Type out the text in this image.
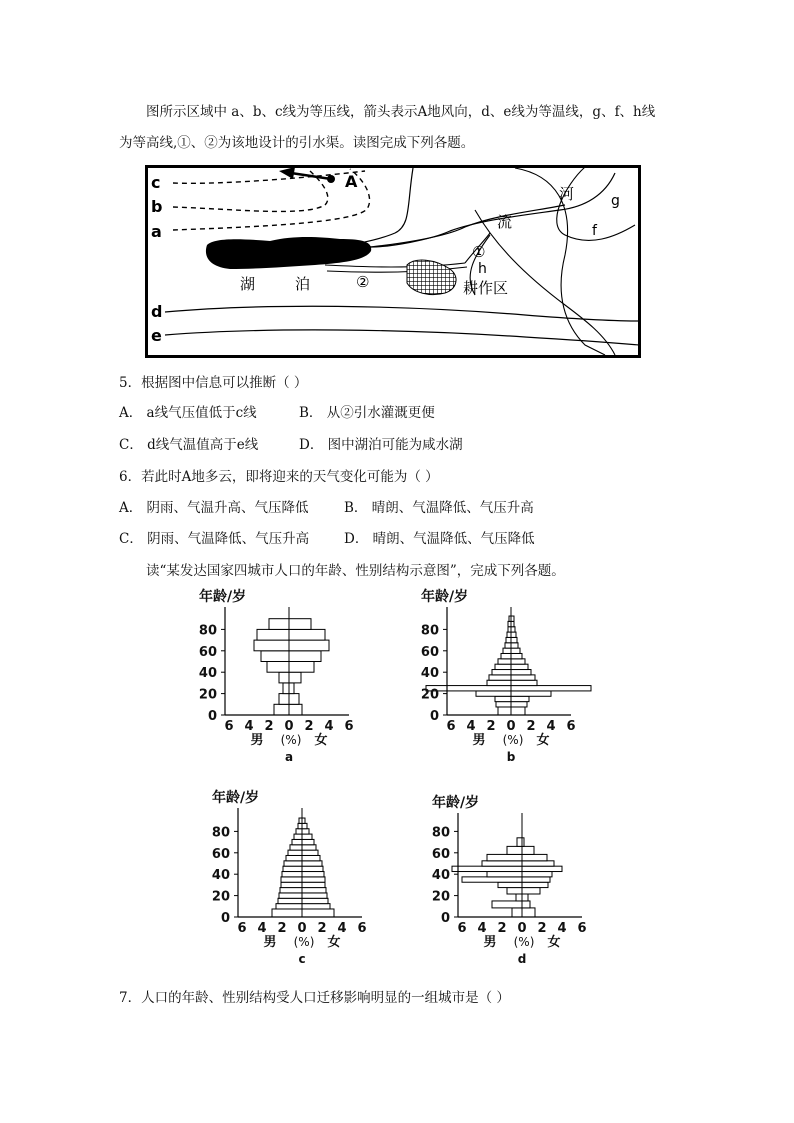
图所示区域中 a、b、c线为等压线，箭头表示A地风向，d、e线为等温线，g、f、h线
为等高线,①、②为该地设计的引水渠。读图完成下列各题。
c
b
a
d
e
A
g
f
h
湖	泊
①
②
河
流
耕作区
5．根据图中信息可以推断（ ）
A． a线气压值低于c线	B． 从②引水灌溉更便
C． d线气温值高于e线	D． 图中湖泊可能为咸水湖
6．若此时A地多云，即将迎来的天气变化可能为（ ）
A． 阴雨、气温升高、气压降低	B． 晴朗、气温降低、气压升高
C． 阴雨、气温降低、气压升高	D． 晴朗、气温降低、气压降低
读“某发达国家四城市人口的年龄、性别结构示意图”，完成下列各题。
0
20
40
60
80
6 4 2 0 2 4 6
男 (%) 女
年龄/岁
a
0
20
40
60
80
6 4 2 0 2 4 6
男 (%) 女
年龄/岁
b
0
20
40
60
80
6 4 2 0 2 4 6
男 (%) 女
年龄/岁
c
0
20
40
60
80
6 4 2 0 2 4 6
男 (%) 女
年龄/岁
d
7．人口的年龄、性别结构受人口迁移影响明显的一组城市是（ ）
